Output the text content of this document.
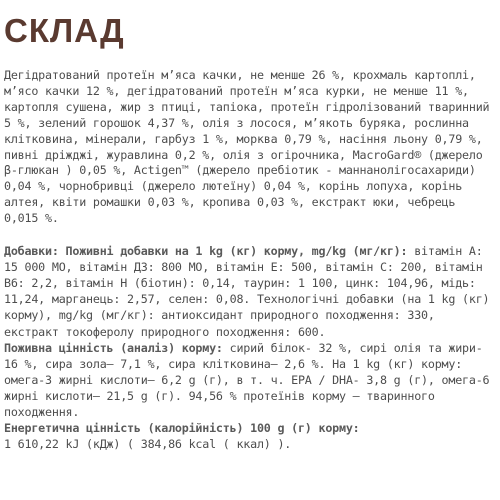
СКЛАД

Дегідратований протеїн м’яса качки, не менше 26 %, крохмаль картоплі, м’ясо качки 12 %, дегідратований протеїн м’яса курки, не менше 11 %, картопля сушена, жир з птиці, тапіока, протеїн гідролізований тваринний 5 %, зелений горошок 4,37 %, олія з лосося, м’якоть буряка, рослинна клітковина, мінерали, гарбуз 1 %, морква 0,79 %, насіння льону 0,79 %, пивні дріжджі, журавлина 0,2 %, олія з огірочника, MacroGard® (джерело β-глюкан ) 0,05 %, Actigen™ (джерело пребіотик - маннанолігосахариди) 0,04 %, чорнобривці (джерело лютеїну) 0,04 %, корінь лопуха, корінь алтея, квіти ромашки 0,03 %, кропива 0,03 %, екстракт юки, чебрець 0,015 %.

Добавки: Поживні добавки на 1 kg (кг) корму, mg/kg (мг/кг): вітамін А: 15 000 МО, вітамін Д3: 800 МО, вітамін Е: 500, вітамін С: 200, вітамін В6: 2,2, вітамін Н (біотин): 0,14, таурин: 1 100, цинк: 104,96, мідь: 11,24, марганець: 2,57, селен: 0,08. Технологічні добавки (на 1 kg (кг) корму), mg/kg (мг/кг): антиоксидант природного походження: 330, екстракт токоферолу природного походження: 600.

Поживна цінність (аналіз) корму: сирий білок- 32 %, сирі олія та жири- 16 %, сира зола– 7,1 %, сира клітковина– 2,6 %. На 1 kg (кг) корму: омега-3 жирні кислоти– 6,2 g (г), в т. ч. EPA / DHA- 3,8 g (г), омега-6 жирні кислоти– 21,5 g (г). 94,56 % протеїнів корму – тваринного походження.

Енергетична цінність (калорійність) 100 g (г) корму:
1 610,22 kJ (кДж) ( 384,86 kcal ( ккал) ).
